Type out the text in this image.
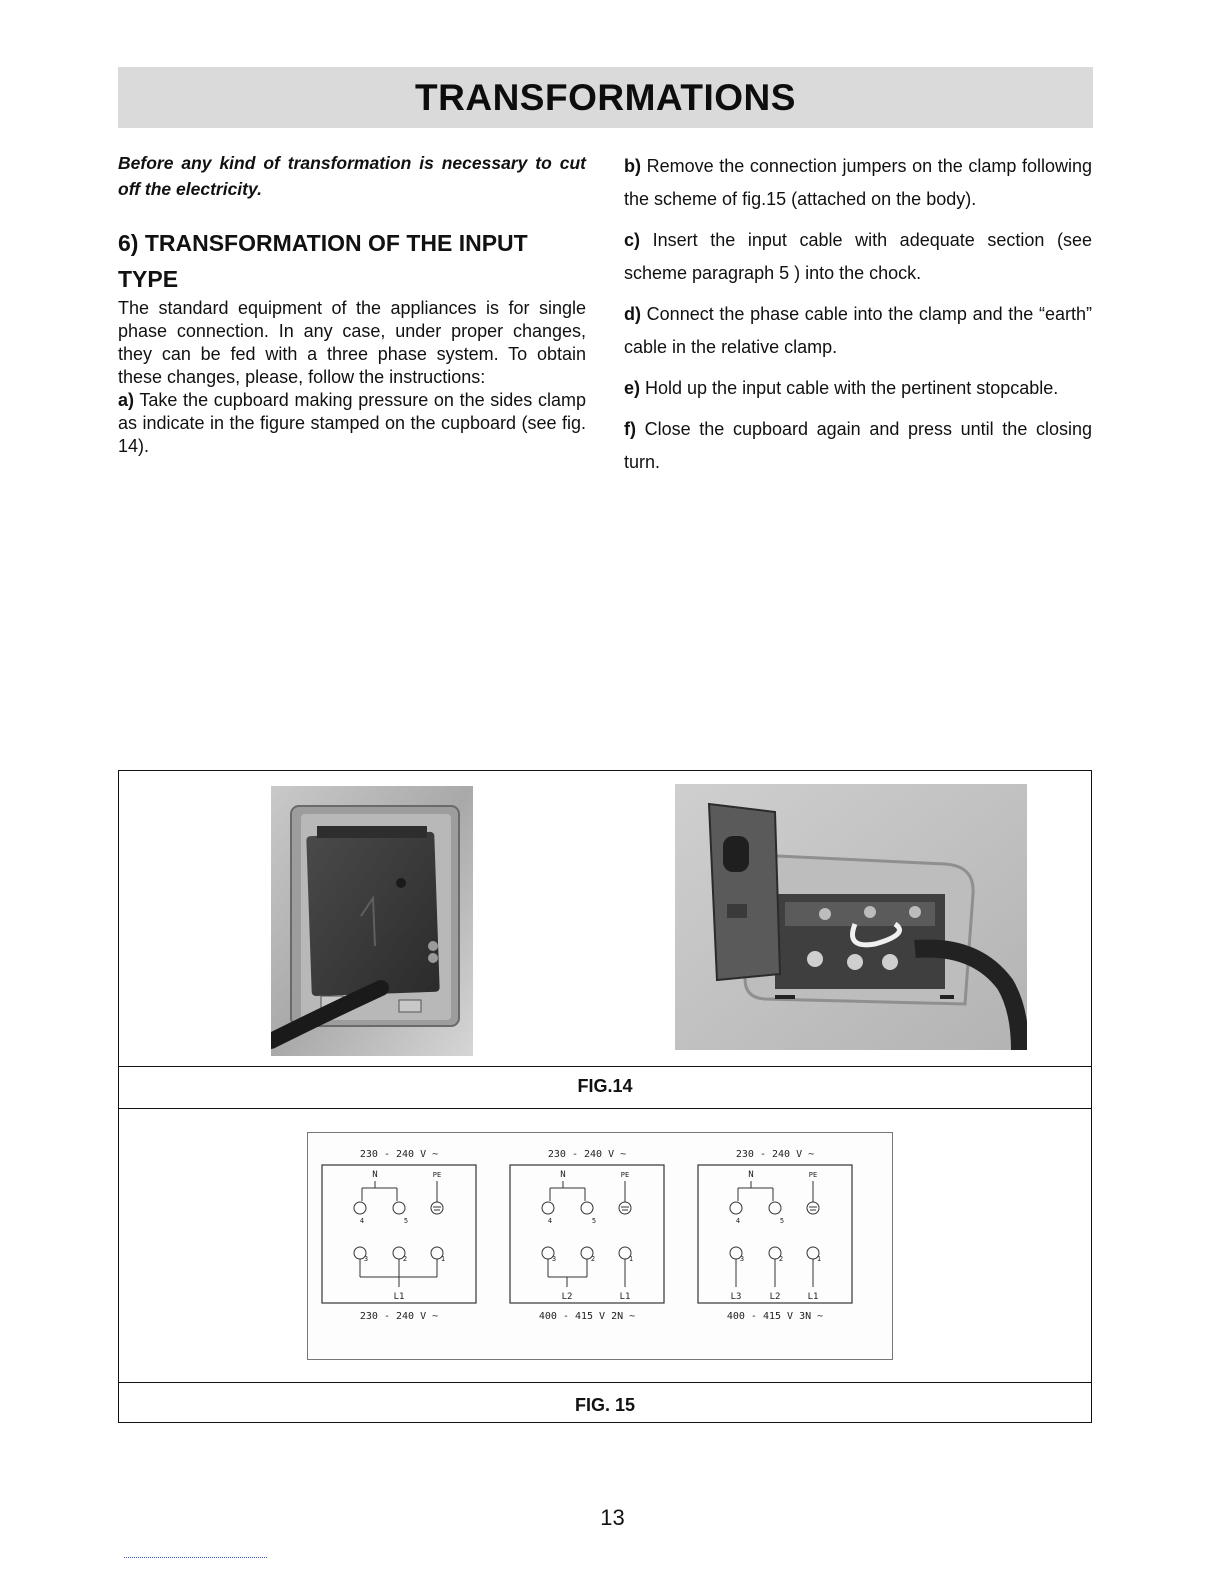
TRANSFORMATIONS

Before any kind of transformation is necessary to cut off the electricity.

6) TRANSFORMATION OF THE INPUT TYPE

The standard equipment of the appliances is for single phase connection. In any case, under proper changes, they can be fed with a three phase system. To obtain these changes, please, follow the instructions:

a) Take the cupboard making pressure on the sides clamp as indicate in the figure stamped on the cupboard (see fig. 14).

b) Remove the connection jumpers on the clamp following the scheme of fig.15 (attached on the body).

c) Insert the input cable with adequate section (see scheme paragraph 5 ) into the chock.

d) Connect the phase cable into the clamp and the “earth” cable in the relative clamp.

e) Hold up the input cable with the pertinent stopcable.

f) Close the cupboard again and press until the closing turn.

FIG.14
230 - 240 V ~
N	PE
4	5
3	2	1
L1
230 - 240 V ~
230 - 240 V ~
N	PE
4	5
3	2	1
L2	L1
400 - 415 V 2N ~
230 - 240 V ~
N	PE
4	5
3	2	1
L3	L2	L1
400 - 415 V 3N ~
FIG. 15
13
